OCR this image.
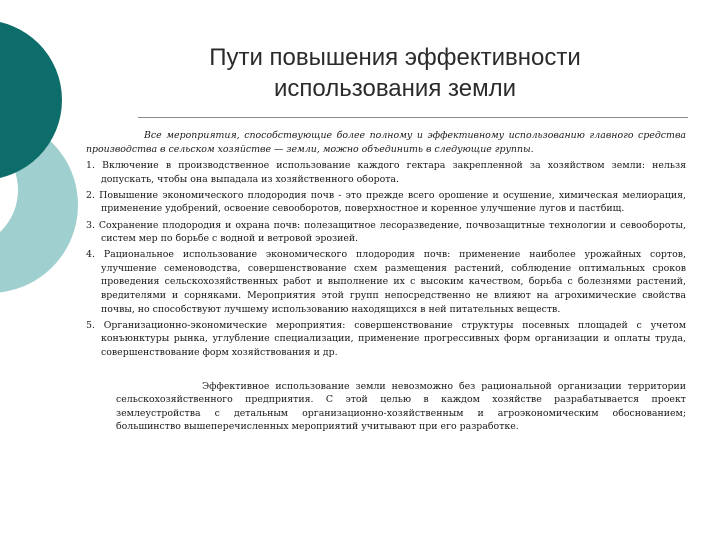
Пути повышения эффективности
использования земли

Все мероприятия, способствующие более полному и эффективному использованию главного средства производства в сельском хозяйстве — земли, можно объединить в следующие группы.

1. Включение в производственное использование каждого гектара закрепленной за хозяйством земли: нельзя допускать, чтобы она выпадала из хозяйственного оборота.

2. Повышение экономического плодородия почв - это прежде всего орошение и осушение, химическая мелиорация, применение удобрений, освоение севооборотов, поверхностное и коренное улучшение лугов и пастбищ.

3. Сохранение плодородия и охрана почв: полезащитное лесоразведение, почвозащитные технологии и севообороты, систем мер по борьбе с водной и ветровой эрозией.

4. Рациональное использование экономического плодородия почв: применение наиболее урожайных сортов, улучшение семеноводства, совершенствование схем размещения растений, соблюдение оптимальных сроков проведения сельскохозяйственных работ и выполнение их с высоким качеством, борьба с болезнями растений, вредителями и сорняками. Мероприятия этой групп непосредственно не влияют на агрохимические свойства почвы, но способствуют лучшему использованию находящихся в ней питательных веществ.

5. Организационно-экономические мероприятия: совершенствование структуры посевных площадей с учетом конъюнктуры рынка, углубление специализации, применение прогрессивных форм организации и оплаты труда, совершенствование форм хозяйствования и др.

Эффективное использование земли невозможно без рациональной организации территории сельскохозяйственного предприятия. С этой целью в каждом хозяйстве разрабатывается проект землеустройства с детальным организационно-хозяйственным и агроэкономическим обоснованием; большинство вышеперечисленных мероприятий учитывают при его разработке.
